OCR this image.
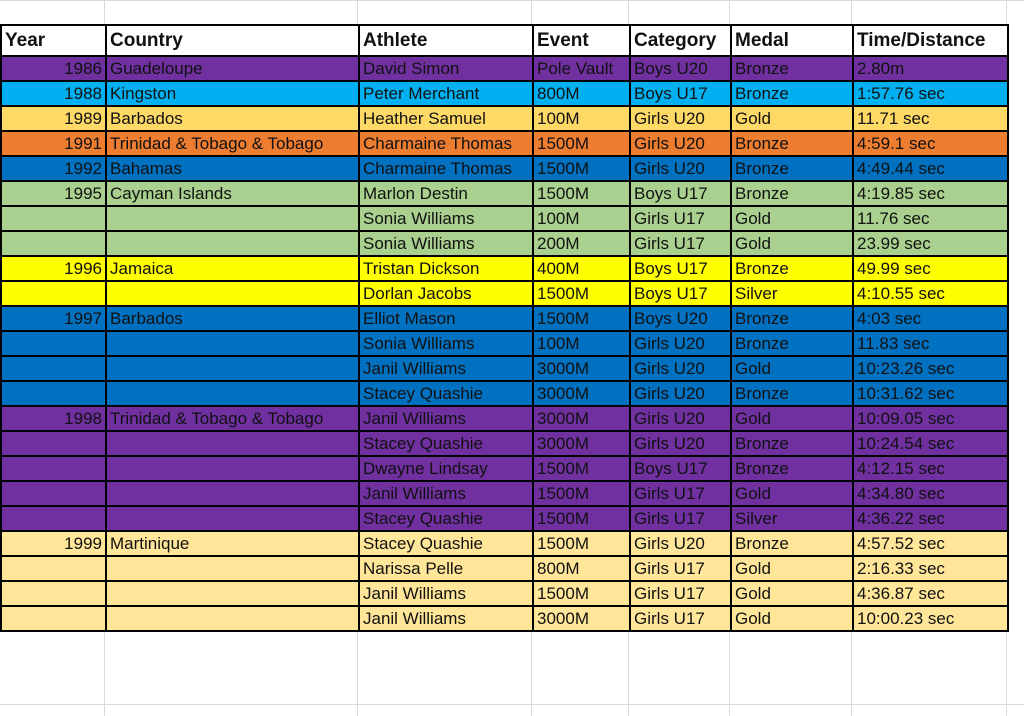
Year	Country	Athlete	Event	Category	Medal	Time/Distance
1986	Guadeloupe	David Simon	Pole Vault	Boys U20	Bronze	2.80m
1988	Kingston	Peter Merchant	800M	Boys U17	Bronze	1:57.76 sec
1989	Barbados	Heather Samuel	100M	Girls U20	Gold	11.71 sec
1991	Trinidad & Tobago & Tobago	Charmaine Thomas	1500M	Girls U20	Bronze	4:59.1 sec
1992	Bahamas	Charmaine Thomas	1500M	Girls U20	Bronze	4:49.44 sec
1995	Cayman Islands	Marlon Destin	1500M	Boys U17	Bronze	4:19.85 sec
		Sonia Williams	100M	Girls U17	Gold	11.76 sec
		Sonia Williams	200M	Girls U17	Gold	23.99 sec
1996	Jamaica	Tristan Dickson	400M	Boys U17	Bronze	49.99 sec
		Dorlan Jacobs	1500M	Boys U17	Silver	4:10.55 sec
1997	Barbados	Elliot Mason	1500M	Boys U20	Bronze	4:03 sec
		Sonia Williams	100M	Girls U20	Bronze	11.83 sec
		Janil Williams	3000M	Girls U20	Gold	10:23.26 sec
		Stacey Quashie	3000M	Girls U20	Bronze	10:31.62 sec
1998	Trinidad & Tobago & Tobago	Janil Williams	3000M	Girls U20	Gold	10:09.05 sec
		Stacey Quashie	3000M	Girls U20	Bronze	10:24.54 sec
		Dwayne Lindsay	1500M	Boys U17	Bronze	4:12.15 sec
		Janil Williams	1500M	Girls U17	Gold	4:34.80 sec
		Stacey Quashie	1500M	Girls U17	Silver	4:36.22 sec
1999	Martinique	Stacey Quashie	1500M	Girls U20	Bronze	4:57.52 sec
		Narissa Pelle	800M	Girls U17	Gold	2:16.33 sec
		Janil Williams	1500M	Girls U17	Gold	4:36.87 sec
		Janil Williams	3000M	Girls U17	Gold	10:00.23 sec
